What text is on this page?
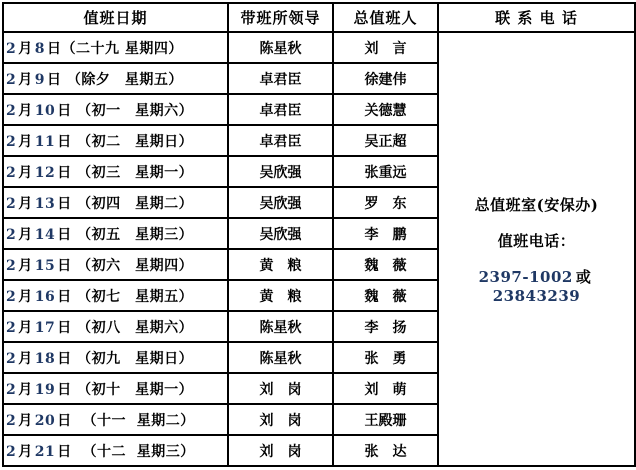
值班日期	带班所领导	总值班人	联 系 电 话
2 月 8 日（二十九 星期四）	陈星秋	刘　言	总值班室(安保办)
值班电话：
2397-1002 或23843239

2 月 9 日 （除夕　星期五）	卓君臣	徐建伟	
2 月 10 日 （初一　星期六）	卓君臣	关德慧	
2 月 11 日 （初二　星期日）	卓君臣	吴正超	
2 月 12 日 （初三　星期一）	吴欣强	张重远	
2 月 13 日 （初四　星期二）	吴欣强	罗　东	
2 月 14 日 （初五　星期三）	吴欣强	李　鹏	
2 月 15 日 （初六　星期四）	黄　粮	魏　薇	
2 月 16 日 （初七　星期五）	黄　粮	魏　薇	
2 月 17 日 （初八　星期六）	陈星秋	李　扬	
2 月 18 日 （初九　星期日）	陈星秋	张　勇	
2 月 19 日 （初十　星期一）	刘　岗	刘　萌	
2 月 20 日  （十一  星期二）	刘　岗	王殿珊	
2 月 21 日  （十二  星期三）	刘　岗	张　达	
